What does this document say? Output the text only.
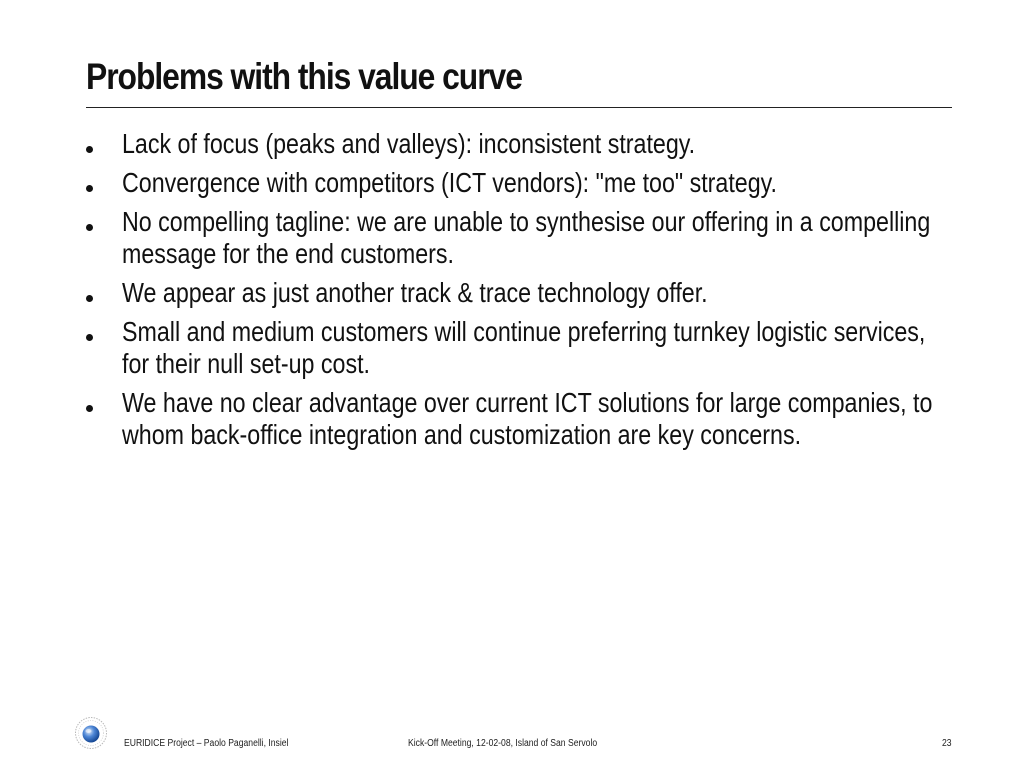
Problems with this value curve
Lack of focus (peaks and valleys): inconsistent strategy.
Convergence with competitors (ICT vendors): "me too" strategy.
No compelling tagline: we are unable to synthesise our offering in a compelling message for the end customers.
We appear as just another track & trace technology offer.
Small and medium customers will continue preferring turnkey logistic services, for their null set-up cost.
We have no clear advantage over current ICT solutions for large companies, to whom back-office integration and customization are key concerns.
EURIDICE Project – Paolo Paganelli, Insiel	Kick-Off Meeting, 12-02-08, Island of San Servolo	23
